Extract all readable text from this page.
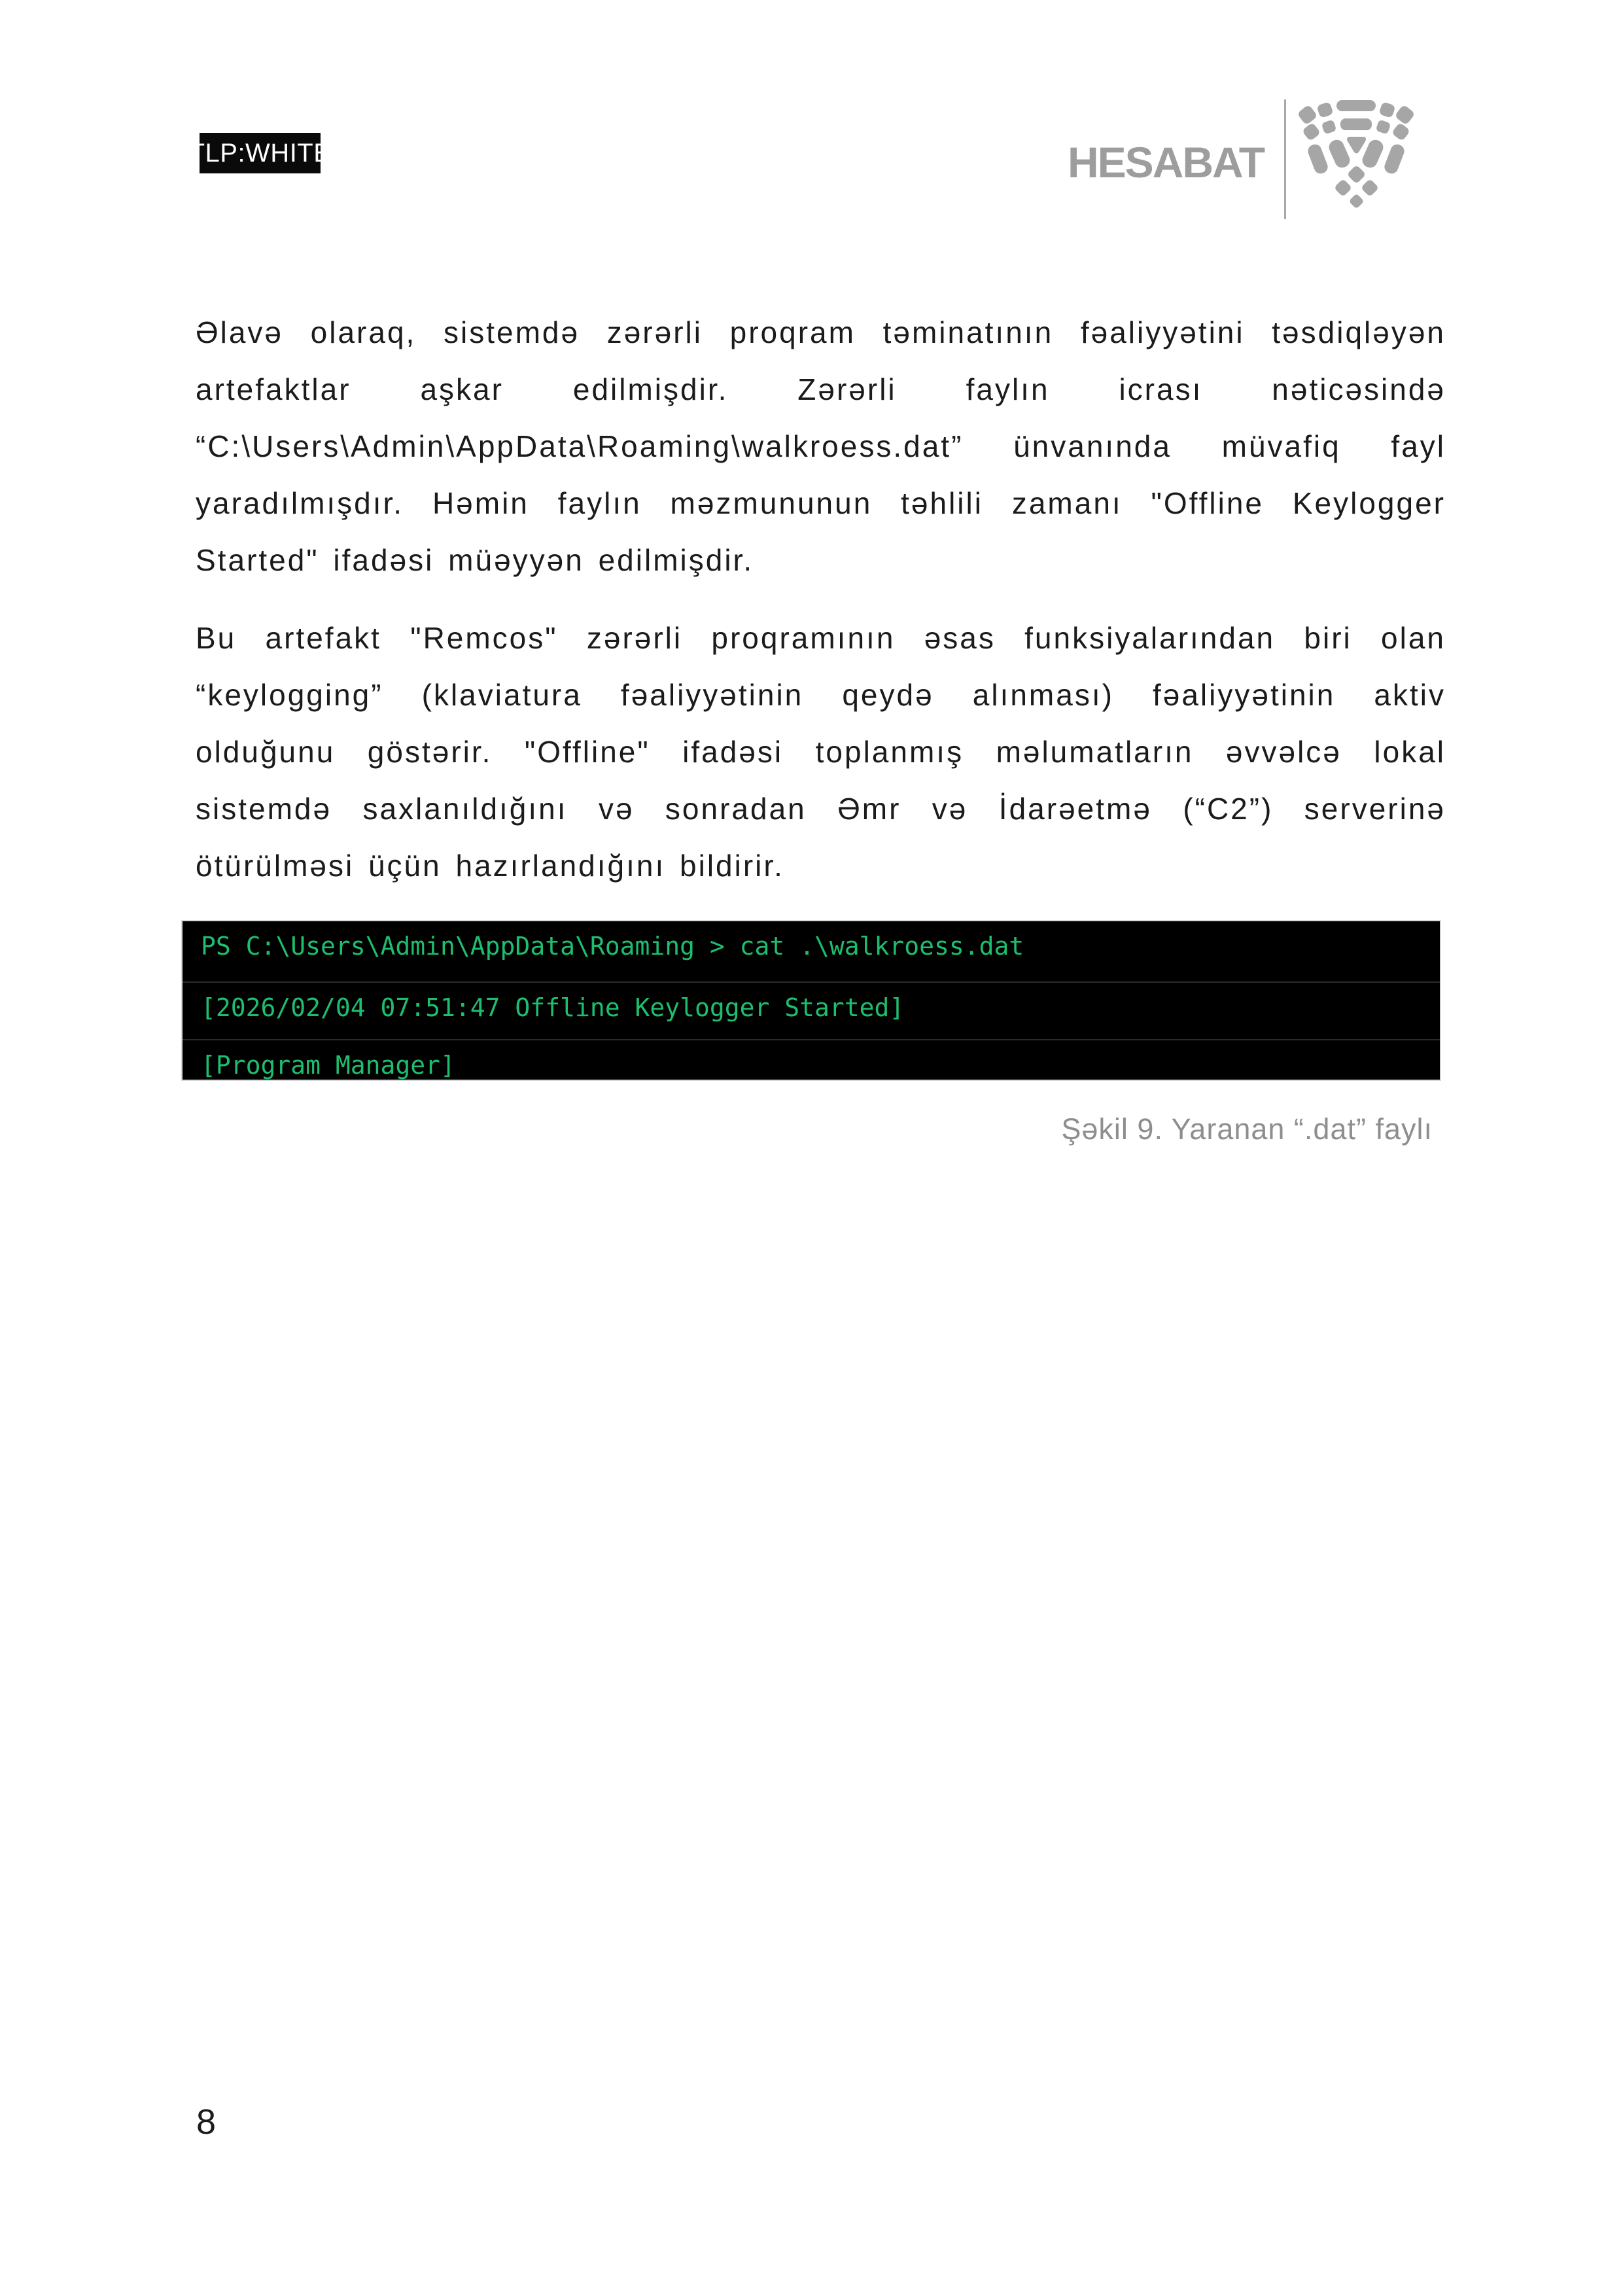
TLP:WHITE	HESABAT

Əlavə olaraq, sistemdə zərərli proqram təminatının fəaliyyətini təsdiqləyən artefaktlar aşkar edilmişdir. Zərərli faylın icrası nəticəsində “C:\Users\Admin\AppData\Roaming\walkroess.dat” ünvanında müvafiq fayl yaradılmışdır. Həmin faylın məzmununun təhlili zamanı "Offline Keylogger Started" ifadəsi müəyyən edilmişdir.

Bu artefakt "Remcos" zərərli proqramının əsas funksiyalarından biri olan “keylogging” (klaviatura fəaliyyətinin qeydə alınması) fəaliyyətinin aktiv olduğunu göstərir. "Offline" ifadəsi toplanmış məlumatların əvvəlcə lokal sistemdə saxlanıldığını və sonradan Əmr və İdarəetmə (“C2”) serverinə ötürülməsi üçün hazırlandığını bildirir.

PS C:\Users\Admin\AppData\Roaming > cat .\walkroess.dat
[2026/02/04 07:51:47 Offline Keylogger Started]
[Program Manager]
Şəkil 9. Yaranan “.dat” faylı
8
